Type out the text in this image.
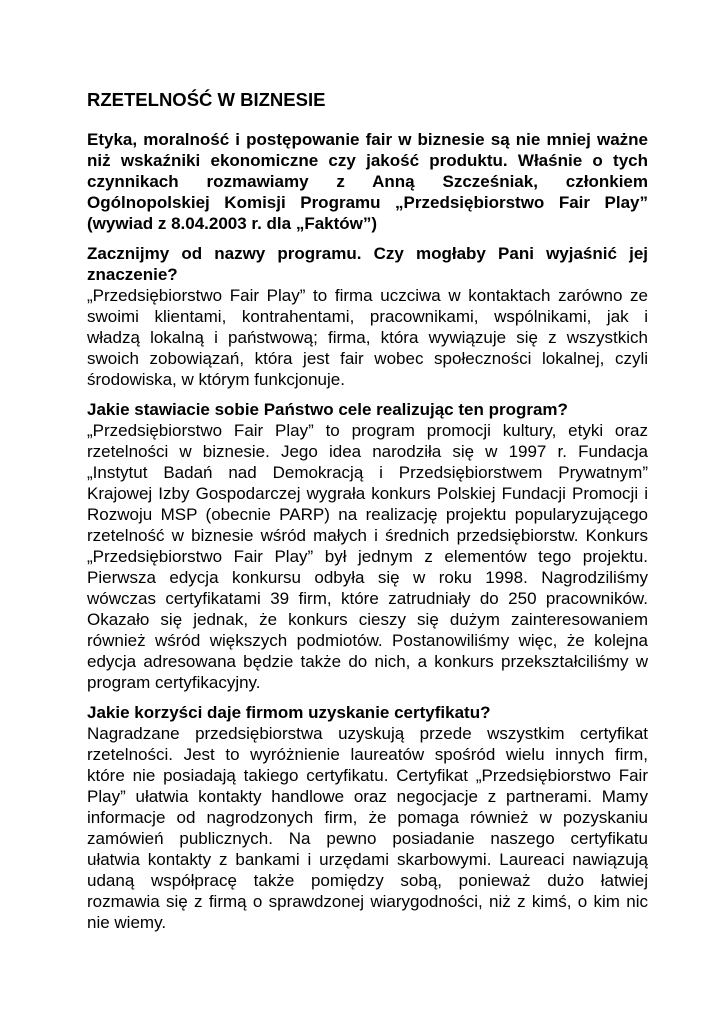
RZETELNOŚĆ W BIZNESIE
Etyka, moralność i postępowanie fair w biznesie są nie mniej ważne
niż wskaźniki ekonomiczne czy jakość produktu. Właśnie o tych
czynnikach rozmawiamy z Anną Szcześniak, członkiem
Ogólnopolskiej Komisji Programu „Przedsiębiorstwo Fair Play”
(wywiad z 8.04.2003 r. dla „Faktów”)
Zacznijmy od nazwy programu. Czy mogłaby Pani wyjaśnić jej
znaczenie?
„Przedsiębiorstwo Fair Play” to firma uczciwa w kontaktach zarówno ze
swoimi klientami, kontrahentami, pracownikami, wspólnikami, jak i
władzą lokalną i państwową; firma, która wywiązuje się z wszystkich
swoich zobowiązań, która jest fair wobec społeczności lokalnej, czyli
środowiska, w którym funkcjonuje.
Jakie stawiacie sobie Państwo cele realizując ten program?
„Przedsiębiorstwo Fair Play” to program promocji kultury, etyki oraz
rzetelności w biznesie. Jego idea narodziła się w 1997 r. Fundacja
„Instytut Badań nad Demokracją i Przedsiębiorstwem Prywatnym”
Krajowej Izby Gospodarczej wygrała konkurs Polskiej Fundacji Promocji i
Rozwoju MSP (obecnie PARP) na realizację projektu popularyzującego
rzetelność w biznesie wśród małych i średnich przedsiębiorstw. Konkurs
„Przedsiębiorstwo Fair Play” był jednym z elementów tego projektu.
Pierwsza edycja konkursu odbyła się w roku 1998. Nagrodziliśmy
wówczas certyfikatami 39 firm, które zatrudniały do 250 pracowników.
Okazało się jednak, że konkurs cieszy się dużym zainteresowaniem
również wśród większych podmiotów. Postanowiliśmy więc, że kolejna
edycja adresowana będzie także do nich, a konkurs przekształciliśmy w
program certyfikacyjny.
Jakie korzyści daje firmom uzyskanie certyfikatu?
Nagradzane przedsiębiorstwa uzyskują przede wszystkim certyfikat
rzetelności. Jest to wyróżnienie laureatów spośród wielu innych firm,
które nie posiadają takiego certyfikatu. Certyfikat „Przedsiębiorstwo Fair
Play” ułatwia kontakty handlowe oraz negocjacje z partnerami. Mamy
informacje od nagrodzonych firm, że pomaga również w pozyskaniu
zamówień publicznych. Na pewno posiadanie naszego certyfikatu
ułatwia kontakty z bankami i urzędami skarbowymi. Laureaci nawiązują
udaną współpracę także pomiędzy sobą, ponieważ dużo łatwiej
rozmawia się z firmą o sprawdzonej wiarygodności, niż z kimś, o kim nic
nie wiemy.
